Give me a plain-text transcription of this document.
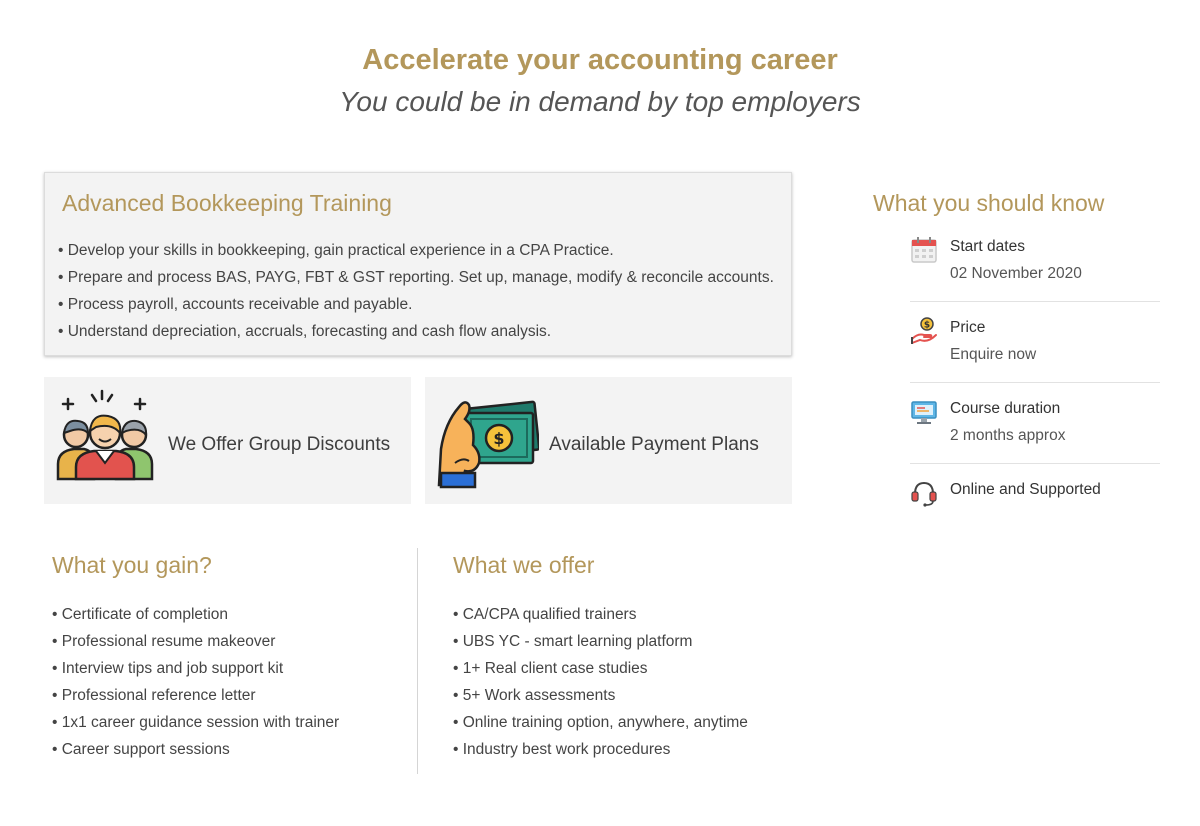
Accelerate your accounting career
You could be in demand by top employers
Advanced Bookkeeping Training
• Develop your skills in bookkeeping, gain practical experience in a CPA Practice.
• Prepare and process BAS, PAYG, FBT & GST reporting. Set up, manage, modify & reconcile accounts.
• Process payroll, accounts receivable and payable.
• Understand depreciation, accruals, forecasting and cash flow analysis.
We Offer Group Discounts	$ Available Payment Plans
What you gain?
• Certificate of completion
• Professional resume makeover
• Interview tips and job support kit
• Professional reference letter
• 1x1 career guidance session with trainer
• Career support sessions
What we offer
• CA/CPA qualified trainers
• UBS YC - smart learning platform
• 1+ Real client case studies
• 5+ Work assessments
• Online training option, anywhere, anytime
• Industry best work procedures
What you should know
Start dates
02 November 2020
$ Price
Enquire now
Course duration
2 months approx
Online and Supported
